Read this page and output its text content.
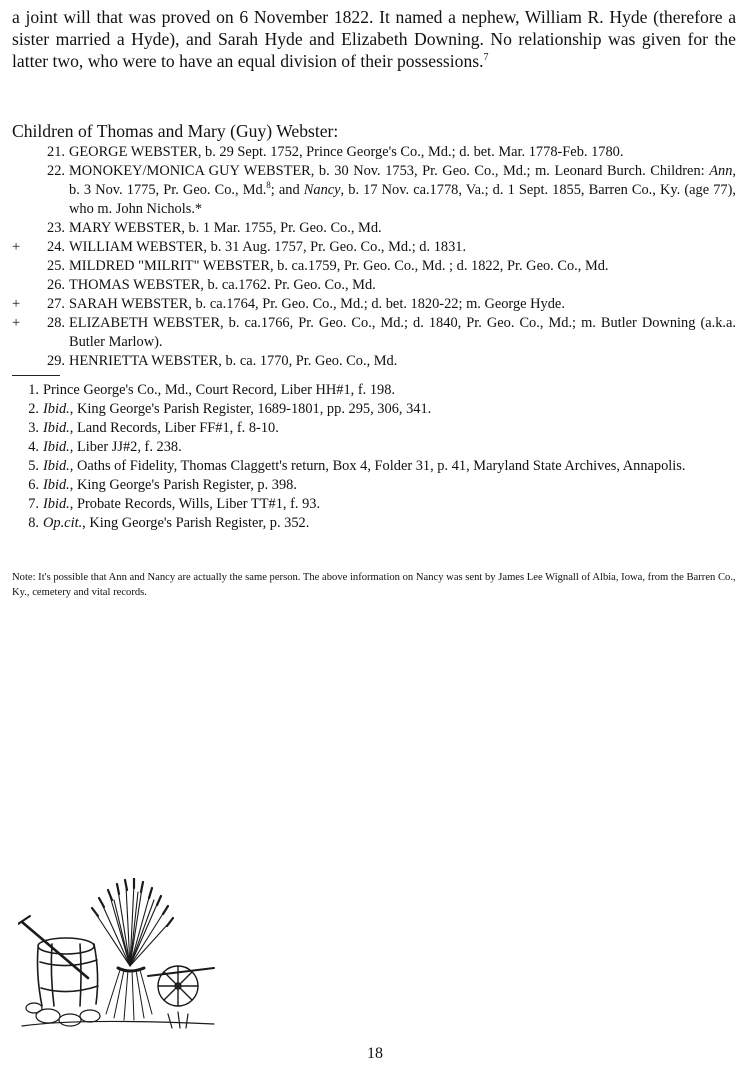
a joint will that was proved on 6 November 1822. It named a nephew, William R. Hyde (therefore a sister married a Hyde), and Sarah Hyde and Elizabeth Downing. No relationship was given for the latter two, who were to have an equal division of their possessions.$^7$

Children of Thomas and Mary (Guy) Webster:
21. GEORGE WEBSTER, b. 29 Sept. 1752, Prince George's Co., Md.; d. bet. Mar. 1778-Feb. 1780.
22. MONOKEY/MONICA GUY WEBSTER, b. 30 Nov. 1753, Pr. Geo. Co., Md.; m. Leonard Burch. Children: Ann, b. 3 Nov. 1775, Pr. Geo. Co., Md.$^8$; and Nancy, b. 17 Nov. ca.1778, Va.; d. 1 Sept. 1855, Barren Co., Ky. (age 77), who m. John Nichols.*
23. MARY WEBSTER, b. 1 Mar. 1755, Pr. Geo. Co., Md.
+	24. WILLIAM WEBSTER, b. 31 Aug. 1757, Pr. Geo. Co., Md.; d. 1831.
25. MILDRED "MILRIT" WEBSTER, b. ca.1759, Pr. Geo. Co., Md. ; d. 1822, Pr. Geo. Co., Md.
26. THOMAS WEBSTER, b. ca.1762. Pr. Geo. Co., Md.
+	27. SARAH WEBSTER, b. ca.1764, Pr. Geo. Co., Md.; d. bet. 1820-22; m. George Hyde.
+	28. ELIZABETH WEBSTER, b. ca.1766, Pr. Geo. Co., Md.; d. 1840, Pr. Geo. Co., Md.; m. Butler Downing (a.k.a. Butler Marlow).
29. HENRIETTA WEBSTER, b. ca. 1770, Pr. Geo. Co., Md.
1. Prince George's Co., Md., Court Record, Liber HH#1, f. 198.
2. Ibid., King George's Parish Register, 1689-1801, pp. 295, 306, 341.
3. Ibid., Land Records, Liber FF#1, f. 8-10.
4. Ibid., Liber JJ#2, f. 238.
5. Ibid., Oaths of Fidelity, Thomas Claggett's return, Box 4, Folder 31, p. 41, Maryland State Archives, Annapolis.
6. Ibid., King George's Parish Register, p. 398.
7. Ibid., Probate Records, Wills, Liber TT#1, f. 93.
8. Op.cit., King George's Parish Register, p. 352.
Note: It's possible that Ann and Nancy are actually the same person. The above information on Nancy was sent by James Lee Wignall of Albia, Iowa, from the Barren Co., Ky., cemetery and vital records.
18
